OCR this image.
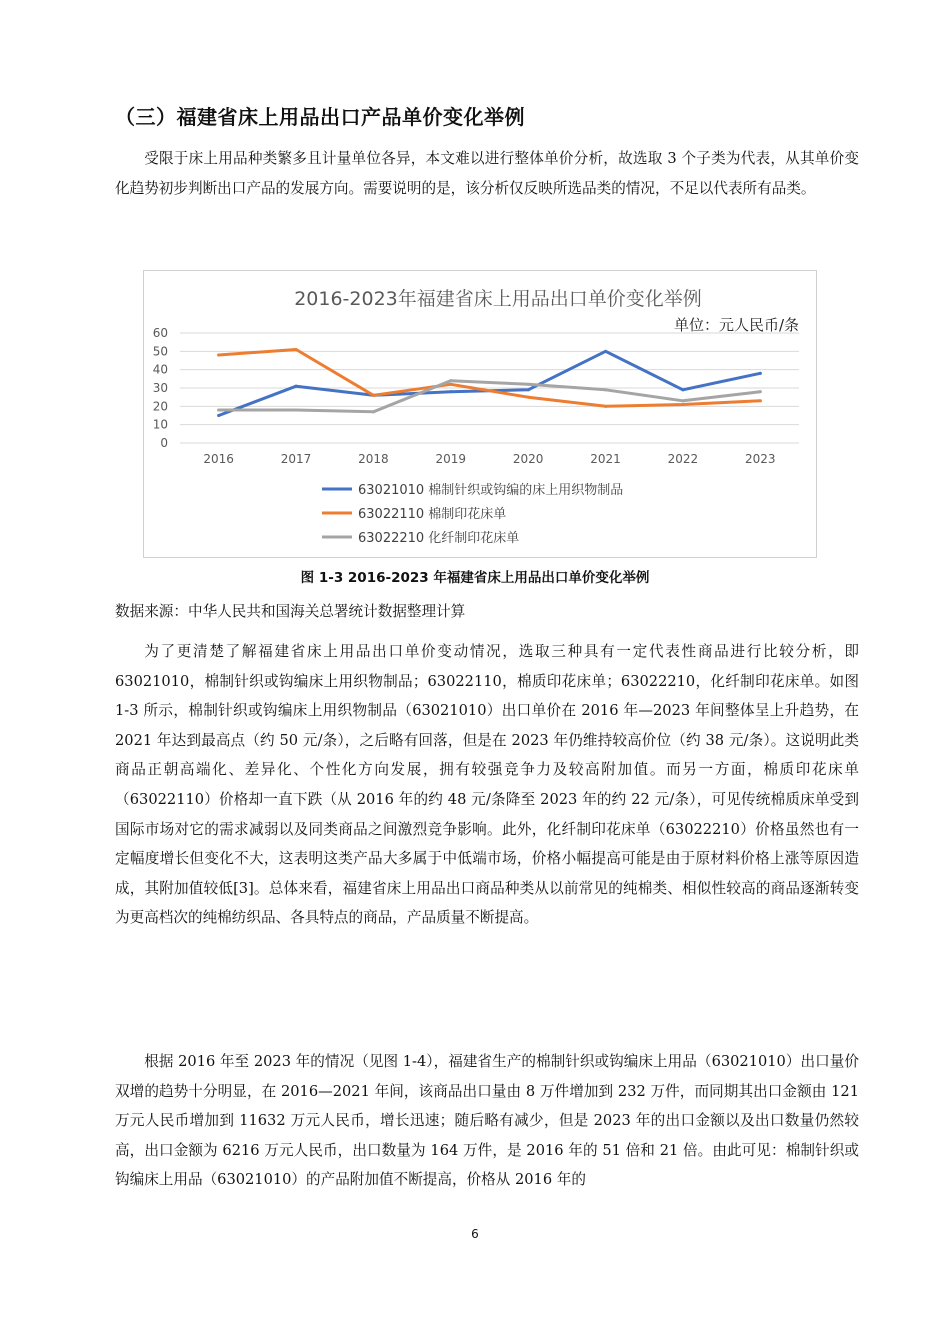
（三）福建省床上用品出口产品单价变化举例

受限于床上用品种类繁多且计量单位各异，本文难以进行整体单价分析，故选取 3 个子类为代表，从其单价变化趋势初步判断出口产品的发展方向。需要说明的是，该分析仅反映所选品类的情况，不足以代表所有品类。

2016-2023年福建省床上用品出口单价变化举例
单位：元人民币/条
0
10
20
30
40
50
60
2016	2017	2018	2019	2020	2021	2022	2023
63021010 棉制针织或钩编的床上用织物制品
63022110 棉制印花床单
63022210 化纤制印花床单
图 1-3 2016-2023 年福建省床上用品出口单价变化举例
数据来源：中华人民共和国海关总署统计数据整理计算

为了更清楚了解福建省床上用品出口单价变动情况，选取三种具有一定代表性商品进行比较分析，即 63021010，棉制针织或钩编床上用织物制品；63022110，棉质印花床单；63022210，化纤制印花床单。如图 1-3 所示，棉制针织或钩编床上用织物制品（63021010）出口单价在 2016 年—2023 年间整体呈上升趋势，在 2021 年达到最高点（约 50 元/条），之后略有回落，但是在 2023 年仍维持较高价位（约 38 元/条）。这说明此类商品正朝高端化、差异化、个性化方向发展，拥有较强竞争力及较高附加值。而另一方面，棉质印花床单（63022110）价格却一直下跌（从 2016 年的约 48 元/条降至 2023 年的约 22 元/条），可见传统棉质床单受到国际市场对它的需求减弱以及同类商品之间激烈竞争影响。此外，化纤制印花床单（63022210）价格虽然也有一定幅度增长但变化不大，这表明这类产品大多属于中低端市场，价格小幅提高可能是由于原材料价格上涨等原因造成，其附加值较低[3]。总体来看，福建省床上用品出口商品种类从以前常见的纯棉类、相似性较高的商品逐渐转变为更高档次的纯棉纺织品、各具特点的商品，产品质量不断提高。

根据 2016 年至 2023 年的情况（见图 1-4），福建省生产的棉制针织或钩编床上用品（63021010）出口量价双增的趋势十分明显，在 2016—2021 年间，该商品出口量由 8 万件增加到 232 万件，而同期其出口金额由 121 万元人民币增加到 11632 万元人民币，增长迅速；随后略有减少，但是 2023 年的出口金额以及出口数量仍然较高，出口金额为 6216 万元人民币，出口数量为 164 万件，是 2016 年的 51 倍和 21 倍。由此可见：棉制针织或钩编床上用品（63021010）的产品附加值不断提高，价格从 2016 年的

6
